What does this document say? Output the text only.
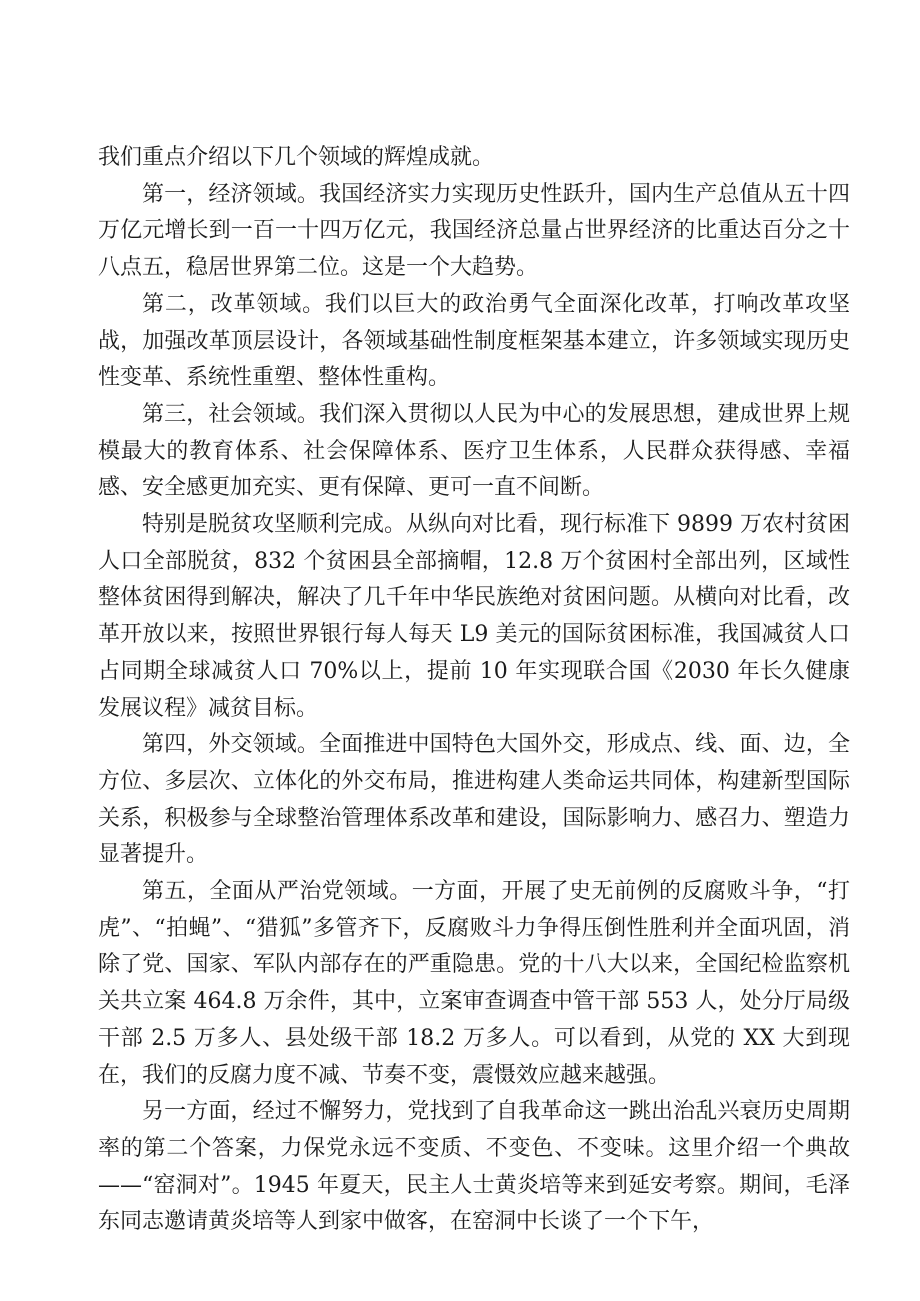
我们重点介绍以下几个领域的辉煌成就。

第一，经济领域。我国经济实力实现历史性跃升，国内生产总值从五十四万亿元增长到一百一十四万亿元，我国经济总量占世界经济的比重达百分之十八点五，稳居世界第二位。这是一个大趋势。

第二，改革领域。我们以巨大的政治勇气全面深化改革，打响改革攻坚战，加强改革顶层设计，各领域基础性制度框架基本建立，许多领域实现历史性变革、系统性重塑、整体性重构。

第三，社会领域。我们深入贯彻以人民为中心的发展思想，建成世界上规模最大的教育体系、社会保障体系、医疗卫生体系，人民群众获得感、幸福感、安全感更加充实、更有保障、更可一直不间断。

特别是脱贫攻坚顺利完成。从纵向对比看，现行标准下 9899 万农村贫困人口全部脱贫，832 个贫困县全部摘帽，12.8 万个贫困村全部出列，区域性整体贫困得到解决，解决了几千年中华民族绝对贫困问题。从横向对比看，改革开放以来，按照世界银行每人每天 L9 美元的国际贫困标准，我国减贫人口占同期全球减贫人口 70%以上，提前 10 年实现联合国《2030 年长久健康发展议程》减贫目标。

第四，外交领域。全面推进中国特色大国外交，形成点、线、面、边，全方位、多层次、立体化的外交布局，推进构建人类命运共同体，构建新型国际关系，积极参与全球整治管理体系改革和建设，国际影响力、感召力、塑造力显著提升。

第五，全面从严治党领域。一方面，开展了史无前例的反腐败斗争，“打虎”、“拍蝇”、“猎狐”多管齐下，反腐败斗力争得压倒性胜利并全面巩固，消除了党、国家、军队内部存在的严重隐患。党的十八大以来，全国纪检监察机关共立案 464.8 万余件，其中，立案审查调查中管干部 553 人，处分厅局级干部 2.5 万多人、县处级干部 18.2 万多人。可以看到，从党的 XX 大到现在，我们的反腐力度不减、节奏不变，震慑效应越来越强。

另一方面，经过不懈努力，党找到了自我革命这一跳出治乱兴衰历史周期率的第二个答案，力保党永远不变质、不变色、不变味。这里介绍一个典故——“窑洞对”。1945 年夏天，民主人士黄炎培等来到延安考察。期间，毛泽东同志邀请黄炎培等人到家中做客，在窑洞中长谈了一个下午，
